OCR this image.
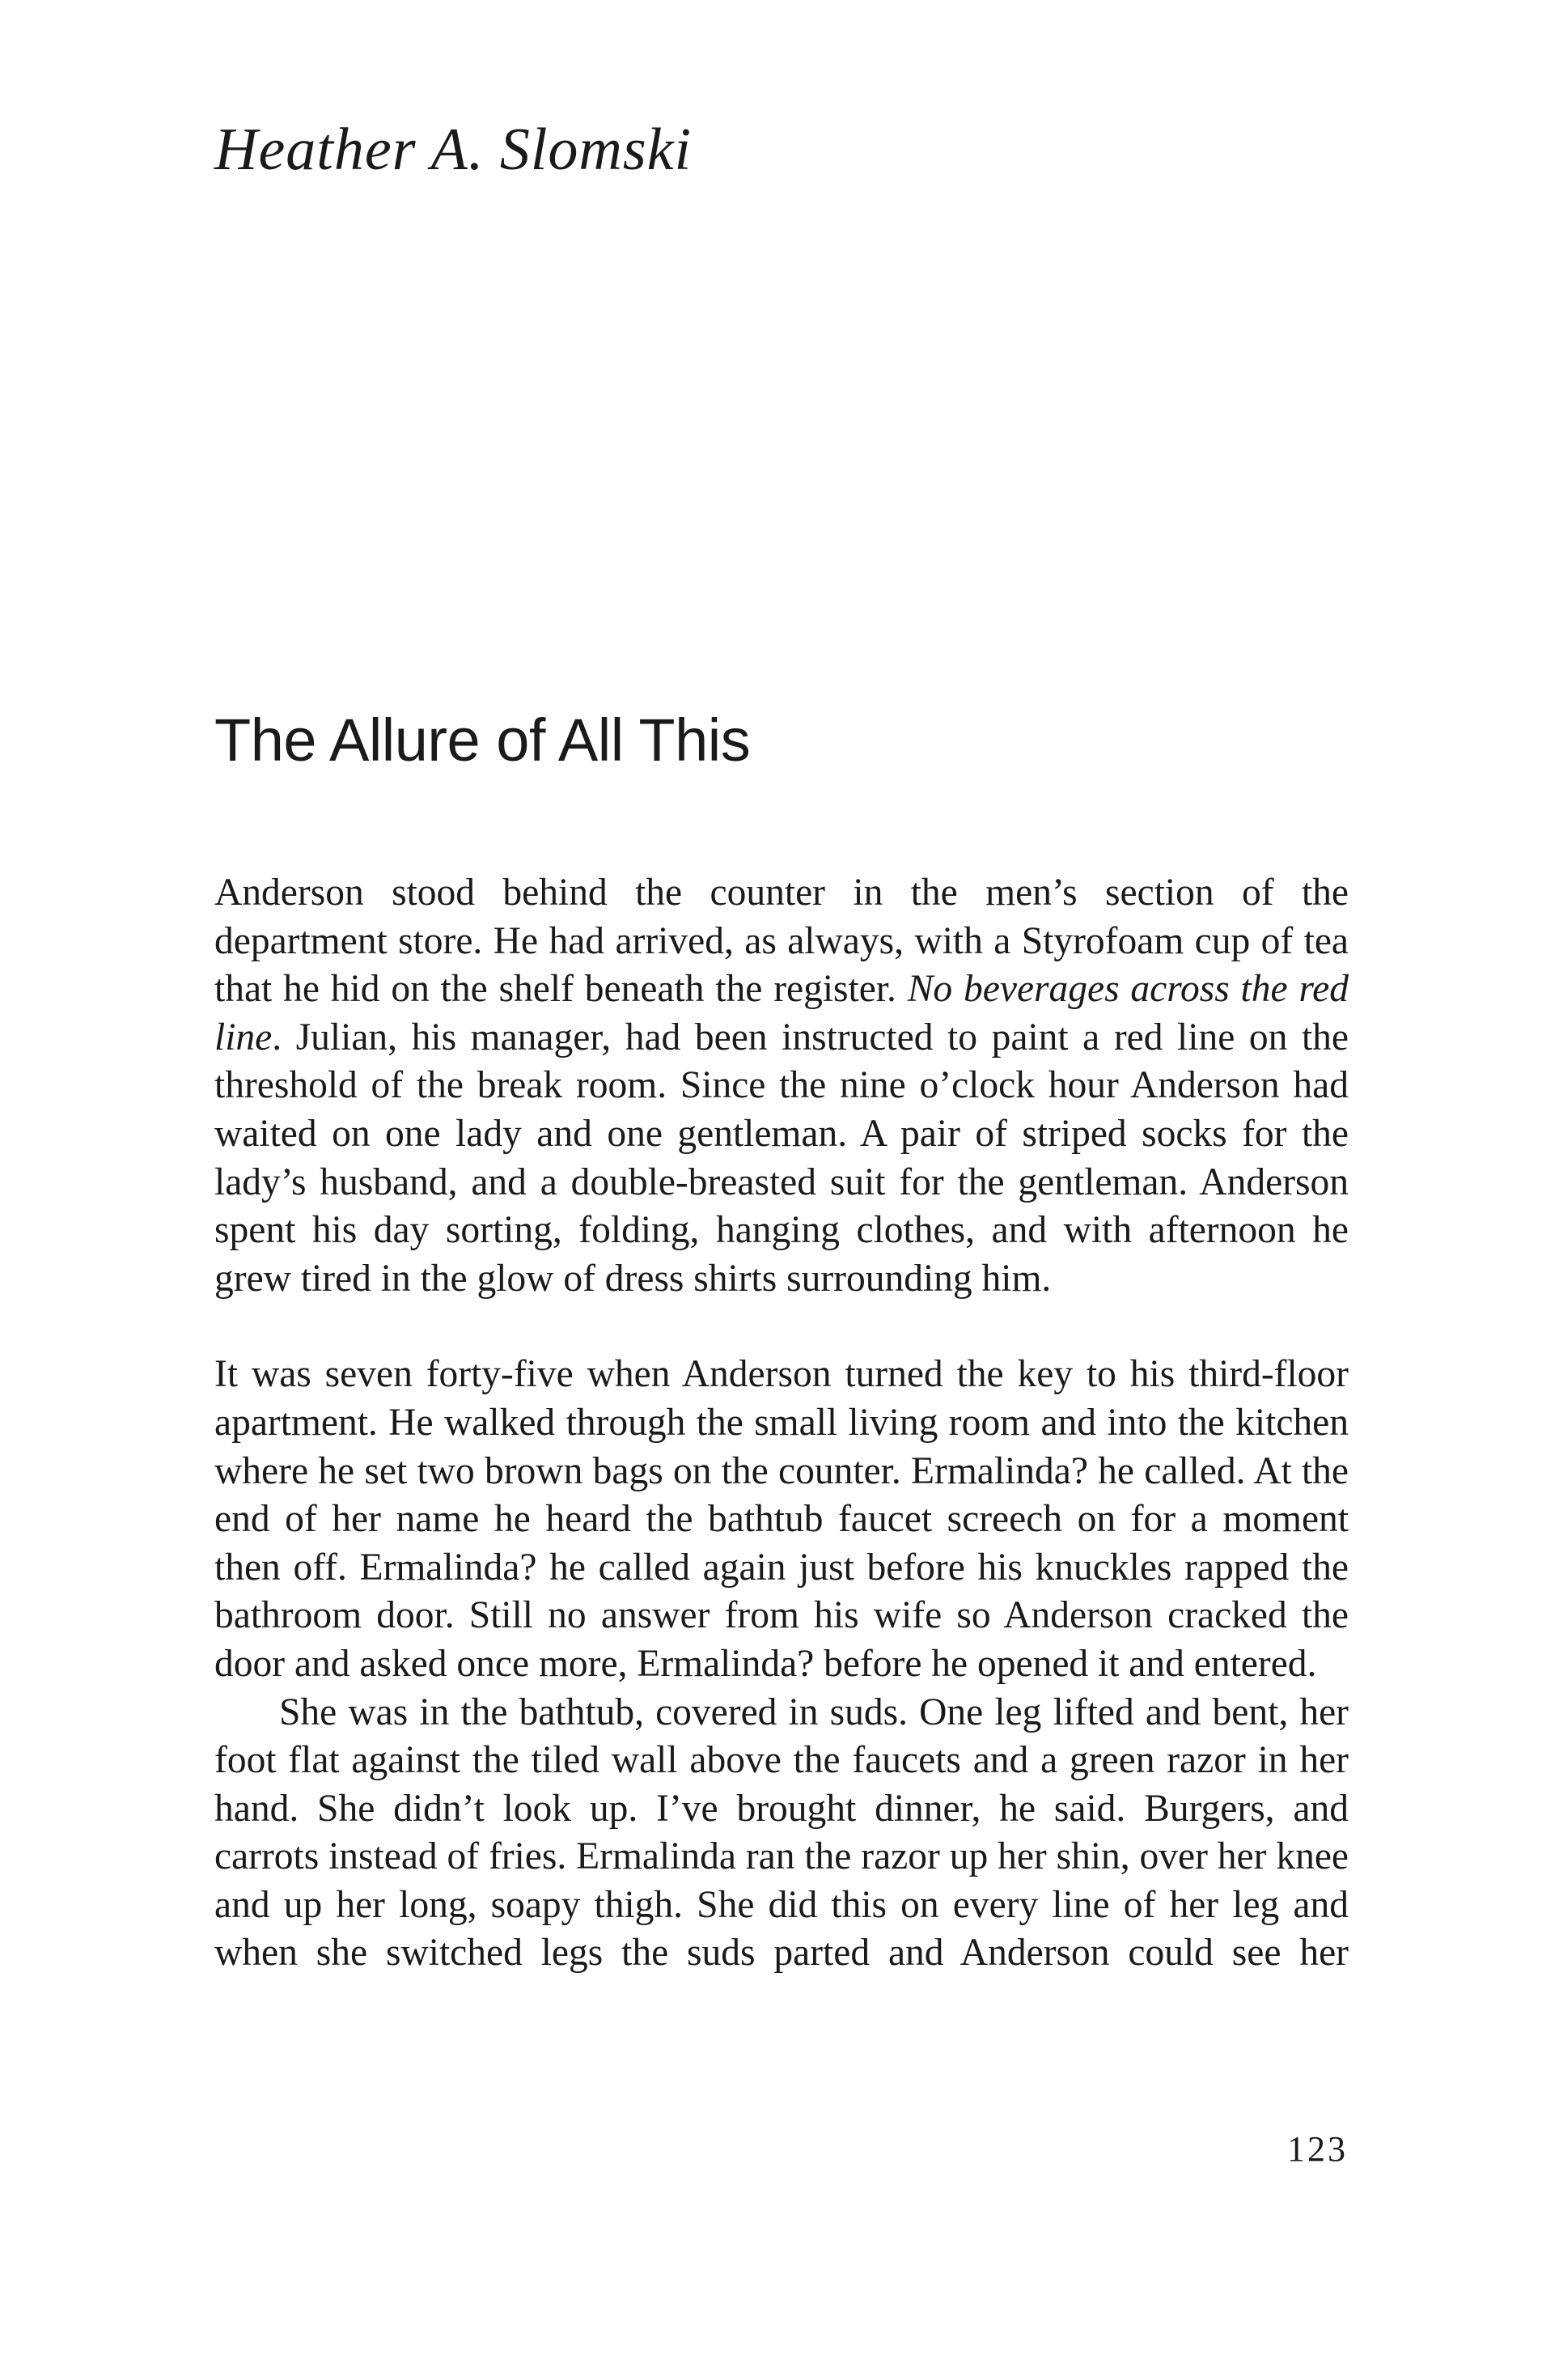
Heather A. Slomski
The Allure of All This

Anderson stood behind the counter in the men’s section of the department store. He had arrived, as always, with a Styrofoam cup of tea that he hid on the shelf beneath the register. No beverages across the red line. Julian, his manager, had been instructed to paint a red line on the threshold of the break room. Since the nine o’clock hour Anderson had waited on one lady and one gentleman. A pair of striped socks for the lady’s husband, and a double-breasted suit for the gentleman. Anderson spent his day sorting, folding, hanging clothes, and with afternoon he grew tired in the glow of dress shirts surrounding him.

It was seven forty-five when Anderson turned the key to his third-floor apartment. He walked through the small living room and into the kitchen where he set two brown bags on the counter. Ermalinda? he called. At the end of her name he heard the bathtub faucet screech on for a moment then off. Ermalinda? he called again just before his knuckles rapped the bathroom door. Still no answer from his wife so Anderson cracked the door and asked once more, Ermalinda? before he opened it and entered.

She was in the bathtub, covered in suds. One leg lifted and bent, her foot flat against the tiled wall above the faucets and a green razor in her hand. She didn’t look up. I’ve brought dinner, he said. Burgers, and carrots instead of fries. Ermalinda ran the razor up her shin, over her knee and up her long, soapy thigh. She did this on every line of her leg and when she switched legs the suds parted and Anderson could see her

123
